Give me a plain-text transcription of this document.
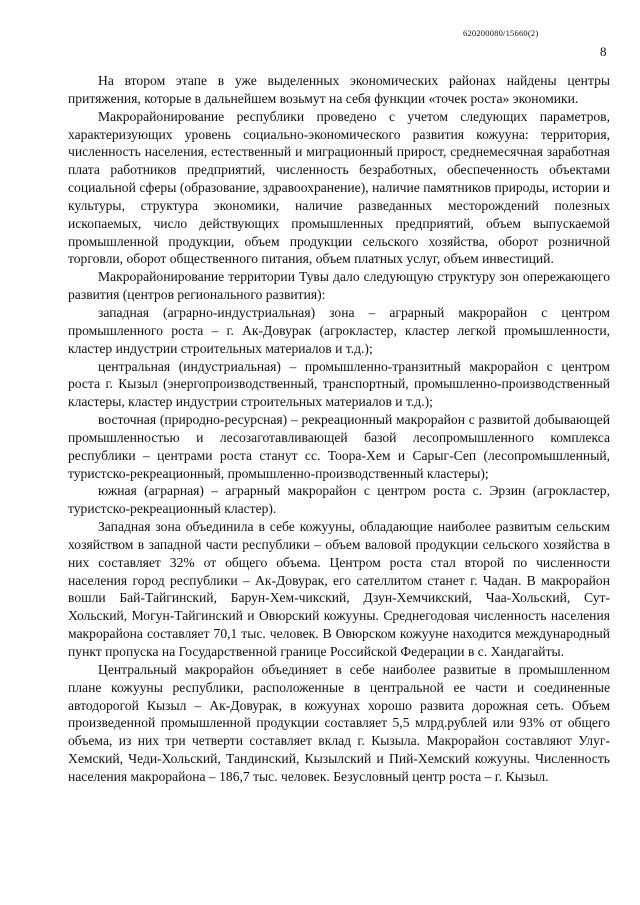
620200080/15660(2)
8

На втором этапе в уже выделенных экономических районах найдены центры притяжения, которые в дальнейшем возьмут на себя функции «точек роста» экономики.

Макрорайонирование республики проведено с учетом следующих параметров, характеризующих уровень социально-экономического развития кожууна: территория, численность населения, естественный и миграционный прирост, среднемесячная заработная плата работников предприятий, численность безработных, обеспеченность объектами социальной сферы (образование, здравоохранение), наличие памятников природы, истории и культуры, структура экономики, наличие разведанных месторождений полезных ископаемых, число действующих промышленных предприятий, объем выпускаемой промышленной продукции, объем продукции сельского хозяйства, оборот розничной торговли, оборот общественного питания, объем платных услуг, объем инвестиций.

Макрорайонирование территории Тувы дало следующую структуру зон опережающего развития (центров регионального развития):

западная (аграрно-индустриальная) зона – аграрный макрорайон с центром промышленного роста – г. Ак-Довурак (агрокластер, кластер легкой промышленности, кластер индустрии строительных материалов и т.д.);

центральная (индустриальная) – промышленно-транзитный макрорайон с центром роста г. Кызыл (энергопроизводственный, транспортный, промышленно-производственный кластеры, кластер индустрии строительных материалов и т.д.);

восточная (природно-ресурсная) – рекреационный макрорайон с развитой добывающей промышленностью и лесозаготавливающей базой лесопромышленного комплекса республики – центрами роста станут сс. Тоора-Хем и Сарыг-Сеп (лесопромышленный, туристско-рекреационный, промышленно-производственный кластеры);

южная (аграрная) – аграрный макрорайон с центром роста с. Эрзин (агрокластер, туристско-рекреационный кластер).

Западная зона объединила в себе кожууны, обладающие наиболее развитым сельским хозяйством в западной части республики – объем валовой продукции сельского хозяйства в них составляет 32% от общего объема. Центром роста стал второй по численности населения город республики – Ак-Довурак, его сателлитом станет г. Чадан. В макрорайон вошли Бай-Тайгинский, Барун-Хем-чикский, Дзун-Хемчикский, Чаа-Хольский, Сут-Хольский, Могун-Тайгинский и Овюрский кожууны. Среднегодовая численность населения макрорайона составляет 70,1 тыс. человек. В Овюрском кожууне находится международный пункт пропуска на Государственной границе Российской Федерации в с. Хандагайты.

Центральный макрорайон объединяет в себе наиболее развитые в промышленном плане кожууны республики, расположенные в центральной ее части и соединенные автодорогой Кызыл – Ак-Довурак, в кожуунах хорошо развита дорожная сеть. Объем произведенной промышленной продукции составляет 5,5 млрд.рублей или 93% от общего объема, из них три четверти составляет вклад г. Кызыла. Макрорайон составляют Улуг-Хемский, Чеди-Хольский, Тандинский, Кызылский и Пий-Хемский кожууны. Численность населения макрорайона – 186,7 тыс. человек. Безусловный центр роста – г. Кызыл.
